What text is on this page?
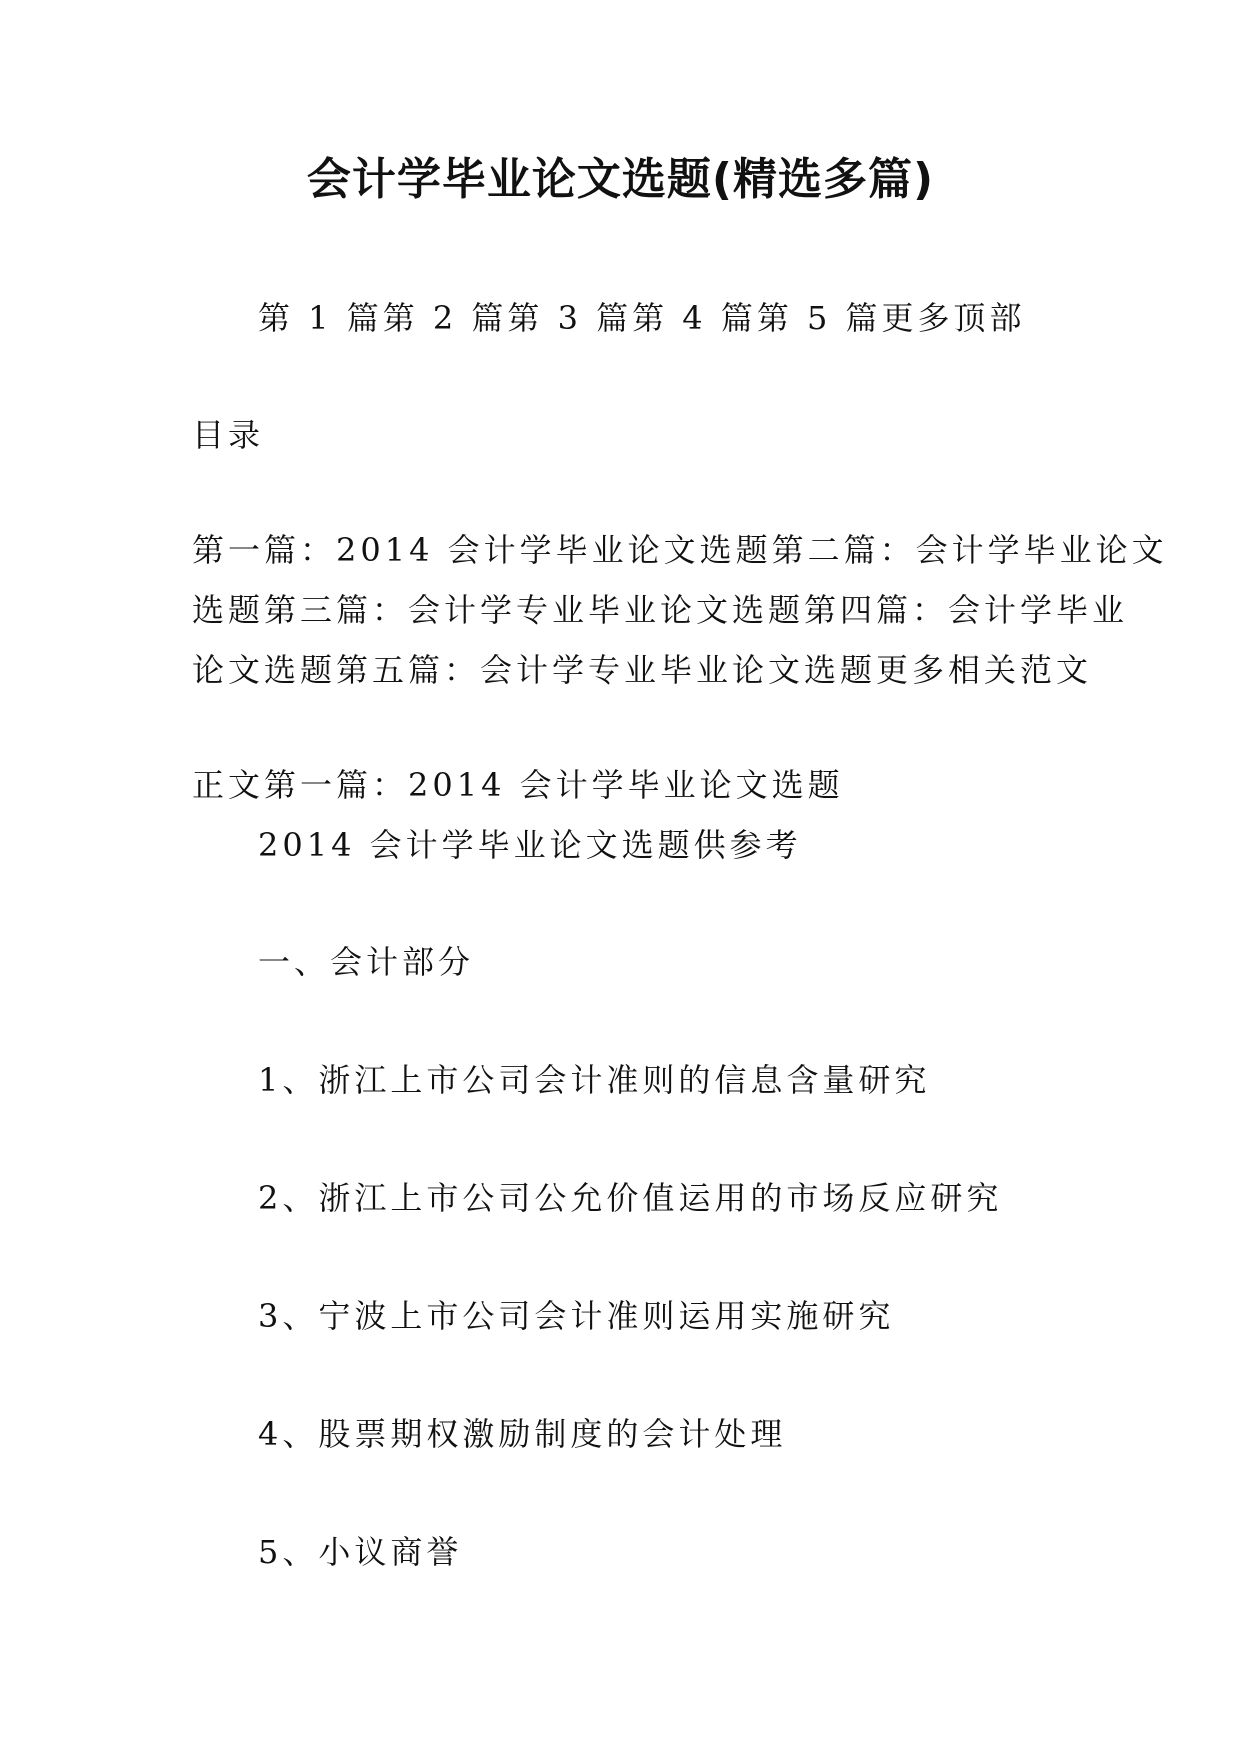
会计学毕业论文选题(精选多篇)
第 1 篇第 2 篇第 3 篇第 4 篇第 5 篇更多顶部
目录
第一篇：2014 会计学毕业论文选题第二篇：会计学毕业论文
选题第三篇：会计学专业毕业论文选题第四篇：会计学毕业
论文选题第五篇：会计学专业毕业论文选题更多相关范文
正文第一篇：2014 会计学毕业论文选题
2014 会计学毕业论文选题供参考
一、会计部分
1、浙江上市公司会计准则的信息含量研究
2、浙江上市公司公允价值运用的市场反应研究
3、宁波上市公司会计准则运用实施研究
4、股票期权激励制度的会计处理
5、小议商誉
